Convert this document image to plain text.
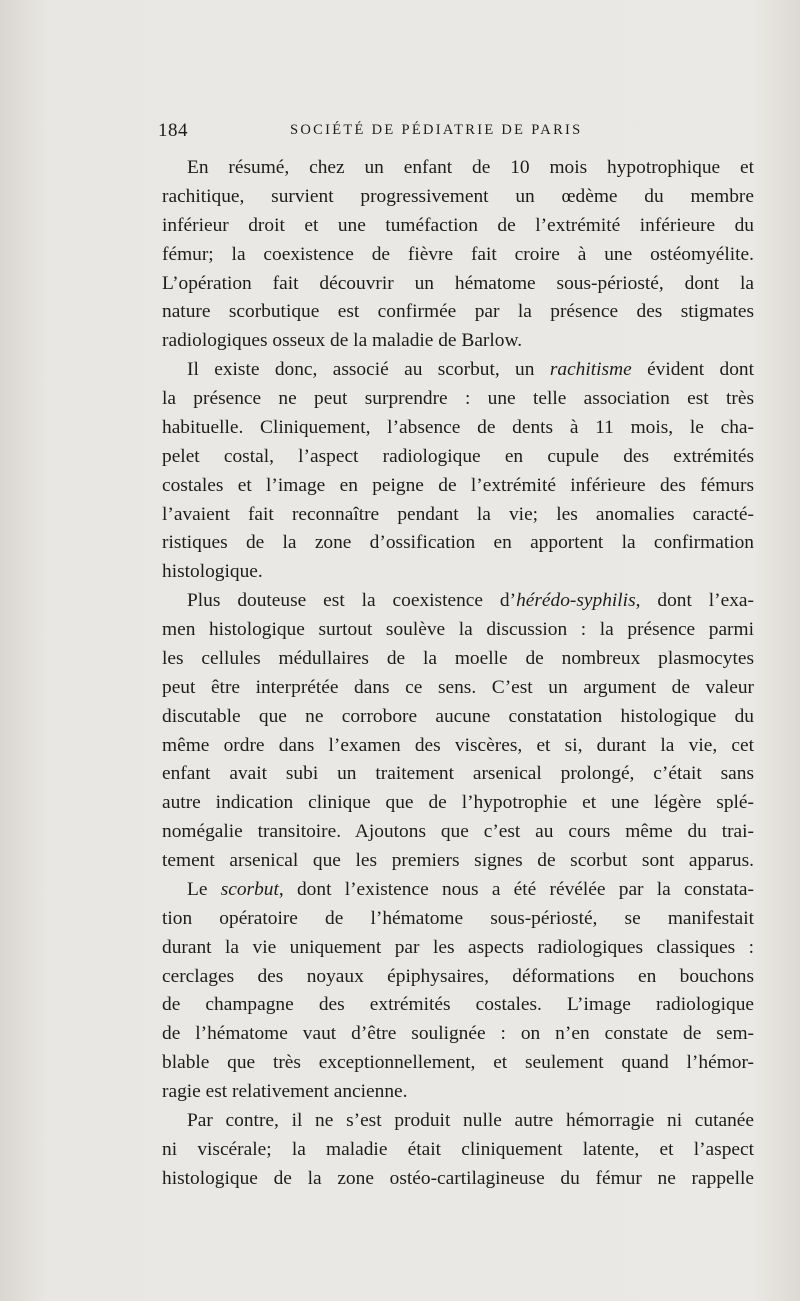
184	SOCIÉTÉ DE PÉDIATRIE DE PARIS
En résumé, chez un enfant de 10 mois hypotrophique et
rachitique, survient progressivement un œdème du membre
inférieur droit et une tuméfaction de l’extrémité inférieure du
fémur; la coexistence de fièvre fait croire à une ostéomyélite.
L’opération fait découvrir un hématome sous-périosté, dont la
nature scorbutique est confirmée par la présence des stigmates
radiologiques osseux de la maladie de Barlow.
Il existe donc, associé au scorbut, un rachitisme évident dont
la présence ne peut surprendre : une telle association est très
habituelle. Cliniquement, l’absence de dents à 11 mois, le cha-
pelet costal, l’aspect radiologique en cupule des extrémités
costales et l’image en peigne de l’extrémité inférieure des fémurs
l’avaient fait reconnaître pendant la vie; les anomalies caracté-
ristiques de la zone d’ossification en apportent la confirmation
histologique.
Plus douteuse est la coexistence d’hérédo-syphilis, dont l’exa-
men histologique surtout soulève la discussion : la présence parmi
les cellules médullaires de la moelle de nombreux plasmocytes
peut être interprétée dans ce sens. C’est un argument de valeur
discutable que ne corrobore aucune constatation histologique du
même ordre dans l’examen des viscères, et si, durant la vie, cet
enfant avait subi un traitement arsenical prolongé, c’était sans
autre indication clinique que de l’hypotrophie et une légère splé-
nomégalie transitoire. Ajoutons que c’est au cours même du trai-
tement arsenical que les premiers signes de scorbut sont apparus.
Le scorbut, dont l’existence nous a été révélée par la constata-
tion opératoire de l’hématome sous-périosté, se manifestait
durant la vie uniquement par les aspects radiologiques classiques :
cerclages des noyaux épiphysaires, déformations en bouchons
de champagne des extrémités costales. L’image radiologique
de l’hématome vaut d’être soulignée : on n’en constate de sem-
blable que très exceptionnellement, et seulement quand l’hémor-
ragie est relativement ancienne.
Par contre, il ne s’est produit nulle autre hémorragie ni cutanée
ni viscérale; la maladie était cliniquement latente, et l’aspect
histologique de la zone ostéo-cartilagineuse du fémur ne rappelle
